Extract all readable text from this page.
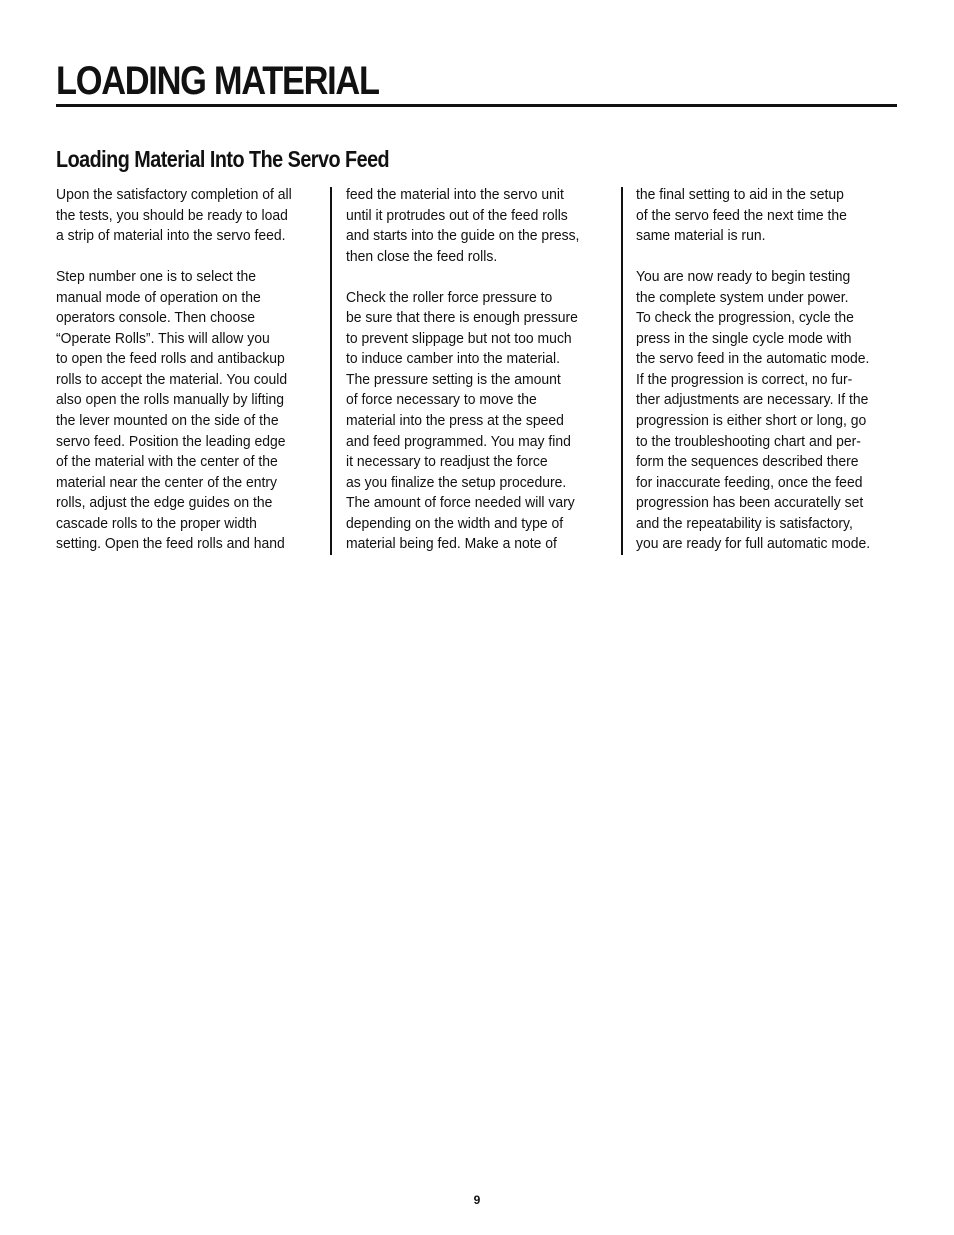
LOADING MATERIAL
Loading Material Into The Servo Feed

Upon the satisfactory completion of all
the tests, you should be ready to load
a strip of material into the servo feed.

Step number one is to select the
manual mode of operation on the
operators console. Then choose
“Operate Rolls”. This will allow you
to open the feed rolls and antibackup
rolls to accept the material. You could
also open the rolls manually by lifting
the lever mounted on the side of the
servo feed. Position the leading edge
of the material with the center of the
material near the center of the entry
rolls, adjust the edge guides on the
cascade rolls to the proper width
setting. Open the feed rolls and hand

feed the material into the servo unit
until it protrudes out of the feed rolls
and starts into the guide on the press,
then close the feed rolls.

Check the roller force pressure to
be sure that there is enough pressure
to prevent slippage but not too much
to induce camber into the material.
The pressure setting is the amount
of force necessary to move the
material into the press at the speed
and feed programmed. You may find
it necessary to readjust the force
as you finalize the setup procedure.
The amount of force needed will vary
depending on the width and type of
material being fed. Make a note of

the final setting to aid in the setup
of the servo feed the next time the
same material is run.

You are now ready to begin testing
the complete system under power.
To check the progression, cycle the
press in the single cycle mode with
the servo feed in the automatic mode.
If the progression is correct, no fur-
ther adjustments are necessary. If the
progression is either short or long, go
to the troubleshooting chart and per-
form the sequences described there
for inaccurate feeding, once the feed
progression has been accuratelly set
and the repeatability is satisfactory,
you are ready for full automatic mode.

9
